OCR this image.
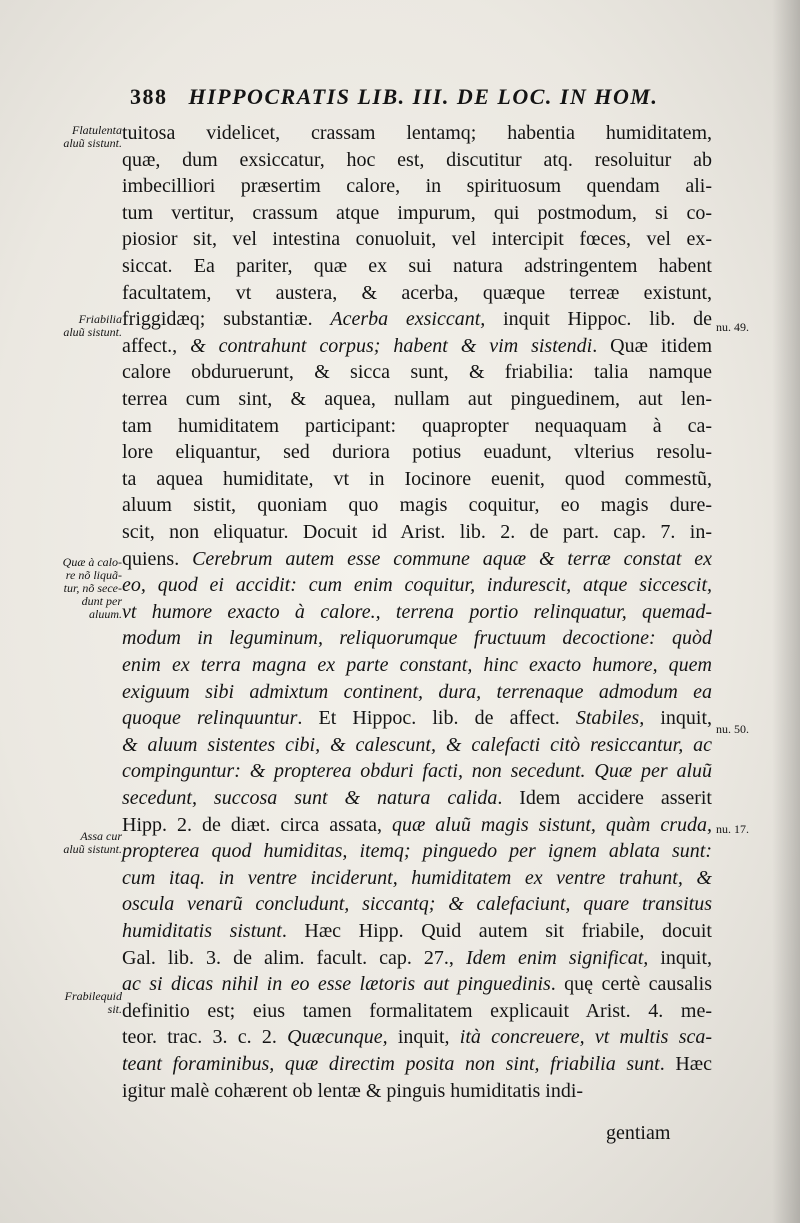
388 HIPPOCRATIS LIB. III. DE LOC. IN HOM.
Flatulenta
aluũ sistunt.
Friabilia
aluũ sistunt.
Quæ à calo-
re nõ liquã-
tur, nõ sece-
dunt per
aluum.
Assa cur
aluũ sistunt.
Frabilequid
sit.
nu. 49.
nu. 50.
nu. 17.
tuitosa videlicet, crassam lentamq; habentia humiditatem,
quæ, dum exsiccatur, hoc est, discutitur atq. resoluitur ab
imbecilliori præsertim calore, in spirituosum quendam ali-
tum vertitur, crassum atque impurum, qui postmodum, si co-
piosior sit, vel intestina conuoluit, vel intercipit fœces, vel ex-
siccat. Ea pariter, quæ ex sui natura adstringentem habent
facultatem, vt austera, & acerba, quæque terreæ existunt,
friggidæq; substantiæ. Acerba exsiccant, inquit Hippoc. lib. de
affect., & contrahunt corpus; habent & vim sistendi. Quæ itidem
calore obduruerunt, & sicca sunt, & friabilia: talia namque
terrea cum sint, & aquea, nullam aut pinguedinem, aut len-
tam humiditatem participant: quapropter nequaquam à ca-
lore eliquantur, sed duriora potius euadunt, vlterius resolu-
ta aquea humiditate, vt in Iocinore euenit, quod commestũ,
aluum sistit, quoniam quo magis coquitur, eo magis dure-
scit, non eliquatur. Docuit id Arist. lib. 2. de part. cap. 7. in-
quiens. Cerebrum autem esse commune aquæ & terræ constat ex
eo, quod ei accidit: cum enim coquitur, indurescit, atque siccescit,
vt humore exacto à calore., terrena portio relinquatur, quemad-
modum in leguminum, reliquorumque fructuum decoctione: quòd
enim ex terra magna ex parte constant, hinc exacto humore, quem
exiguum sibi admixtum continent, dura, terrenaque admodum ea
quoque relinquuntur. Et Hippoc. lib. de affect. Stabiles, inquit,
& aluum sistentes cibi, & calescunt, & calefacti citò resiccantur, ac
compinguntur: & propterea obduri facti, non secedunt. Quæ per aluũ
secedunt, succosa sunt & natura calida. Idem accidere asserit
Hipp. 2. de diæt. circa assata, quæ aluũ magis sistunt, quàm cruda,
propterea quod humiditas, itemq; pinguedo per ignem ablata sunt:
cum itaq. in ventre inciderunt, humiditatem ex ventre trahunt, &
oscula venarũ concludunt, siccantq; & calefaciunt, quare transitus
humiditatis sistunt. Hæc Hipp. Quid autem sit friabile, docuit
Gal. lib. 3. de alim. facult. cap. 27., Idem enim significat, inquit,
ac si dicas nihil in eo esse lætoris aut pinguedinis. quę certè causalis
definitio est; eius tamen formalitatem explicauit Arist. 4. me-
teor. trac. 3. c. 2. Quæcunque, inquit, ità concreuere, vt multis sca-
teant foraminibus, quæ directim posita non sint, friabilia sunt. Hæc
igitur malè cohærent ob lentæ & pinguis humiditatis indi-
gentiam
